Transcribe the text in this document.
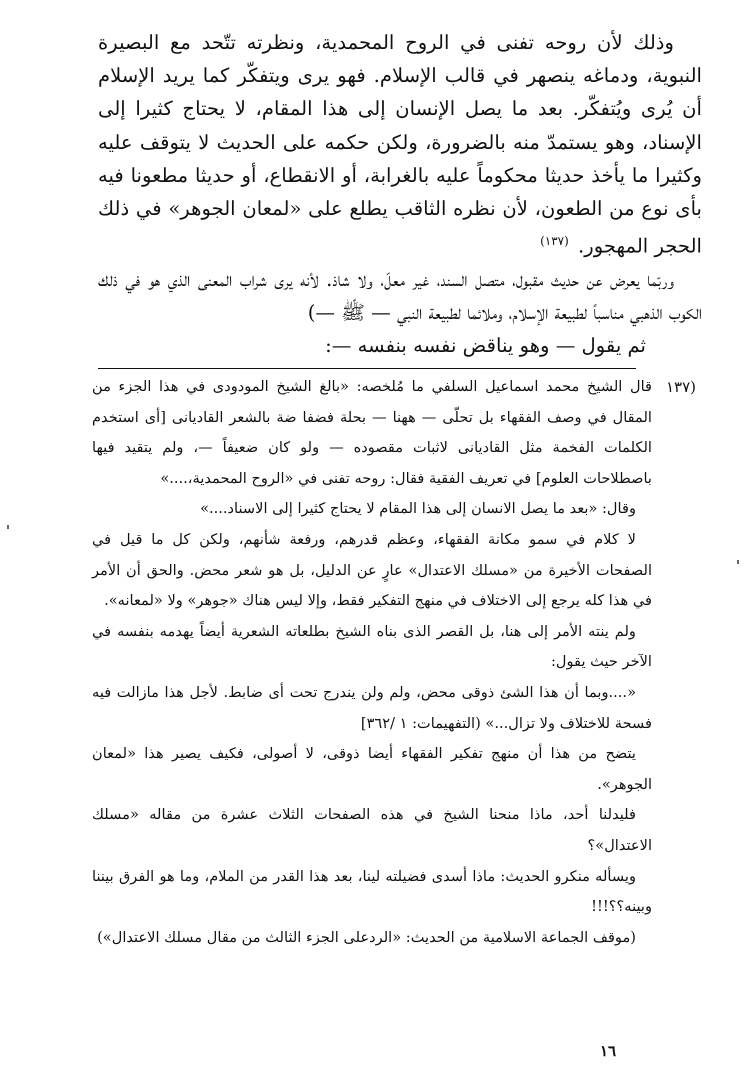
وذلك لأن روحه تفنى في الروح المحمدية، ونظرته تتّحد مع البصيرة النبوية، ودماغه ينصهر في قالب الإسلام. فهو يرى ويتفكّر كما يريد الإسلام أن يُرى ويُتفكّر. بعد ما يصل الإنسان إلى هذا المقام، لا يحتاج كثيرا إلى الإسناد، وهو يستمدّ منه بالضرورة، ولكن حكمه على الحديث لا يتوقف عليه وكثيرا ما يأخذ حديثا محكوماً عليه بالغرابة، أو الانقطاع، أو حديثا مطعونا فيه بأى نوع من الطعون، لأن نظره الثاقب يطلع على «لمعان الجوهر» في ذلك الحجر المهجور. $^{(١٣٧)}$

وربّما يعرض عن حديث مقبول، متصل السند، غير معلّ، ولا شاذ. لأنه يرى شراب المعنى الذي هو في ذلك الكوب الذهبي مناسباً لطبيعة الإسلام، وملائما لطبيعة النبي — ﷺ —)

ثم يقول — وهو يناقض نفسه بنفسه —:

١٣٧)
قال الشيخ محمد اسماعيل السلفي ما مُلخصه: «بالغ الشيخ المودودى في هذا الجزء من المقال في وصف الفقهاء بل تحلّى — ههنا — بحلة فضفا ضة بالشعر القاديانى [أى استخدم الكلمات الفخمة مثل القاديانى لاثبات مقصوده — ولو كان ضعيفاً —، ولم يتقيد فيها باصطلاحات العلوم] في تعريف الفقية فقال: روحه تفنى في «الروح المحمدية،....»

وقال: «بعد ما يصل الانسان إلى هذا المقام لا يحتاج كثيرا إلى الاسناد....»

لا كلام في سمو مكانة الفقهاء، وعظم قدرهم، ورفعة شأنهم، ولكن كل ما قيل في الصفحات الأخيرة من «مسلك الاعتدال» عارٍ عن الدليل، بل هو شعر محض. والحق أن الأمر في هذا كله يرجع إلى الاختلاف في منهج التفكير فقط، وإلا ليس هناك «جوهر» ولا «لمعانه».

ولم ينته الأمر إلى هنا، بل القصر الذى بناه الشيخ بطلعاته الشعرية أيضاً يهدمه بنفسه في الآخر حيث يقول:

«....وبما أن هذا الشئ ذوقى محض، ولم ولن يندرج تحت أى ضابط. لأجل هذا مازالت فيه فسحة للاختلاف ولا تزال...» (التفهيمات: ١ /٣٦٢]

يتضح من هذا أن منهج تفكير الفقهاء أيضا ذوقى، لا أصولى، فكيف يصير هذا «لمعان الجوهر».

فليدلنا أحد، ماذا منحنا الشيخ في هذه الصفحات الثلاث عشرة من مقاله «مسلك الاعتدال»؟

ويسأله منكرو الحديث: ماذا أسدى فضيلته لينا، بعد هذا القدر من الملام، وما هو الفرق بيننا وبينه؟؟!!!

(موقف الجماعة الاسلامية من الحديث: «الردعلى الجزء الثالث من مقال مسلك الاعتدال»)

١٦
